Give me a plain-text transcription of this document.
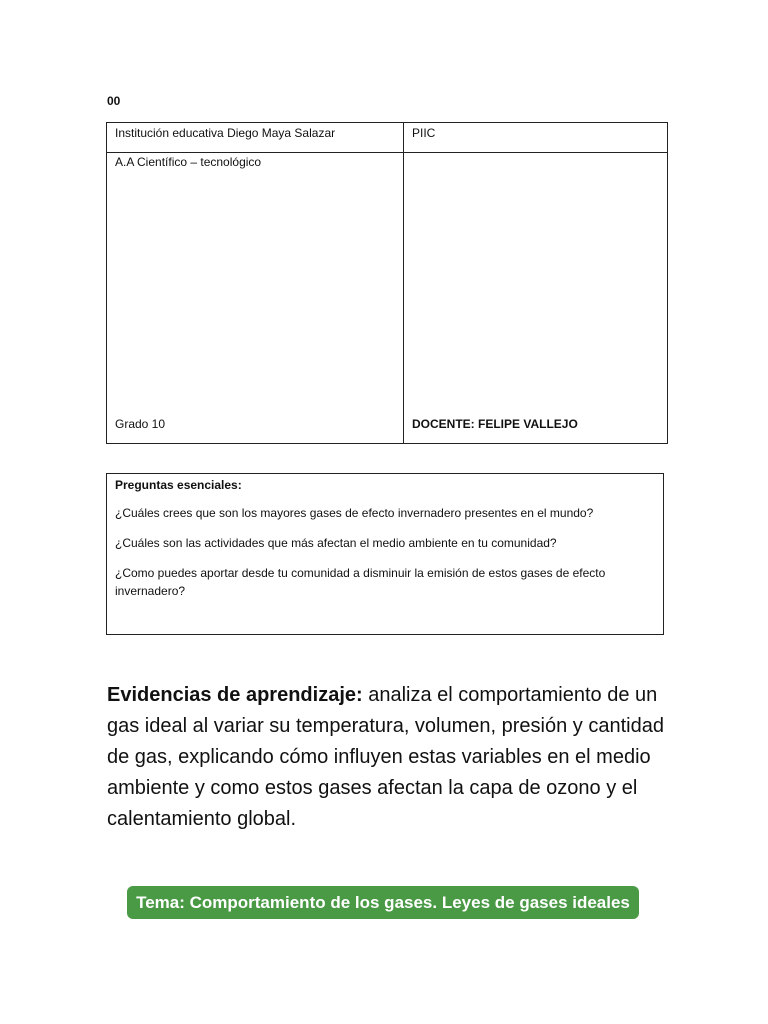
00
Institución educativa Diego Maya Salazar	PIIC

A.A Científico – tecnológico
Grado 10	DOCENTE: FELIPE VALLEJO

Preguntas esenciales:

¿Cuáles crees que son los mayores gases de efecto invernadero presentes en el mundo?

¿Cuáles son las actividades que más afectan el medio ambiente en tu comunidad?

¿Como puedes aportar desde tu comunidad a disminuir la emisión de estos gases de efecto invernadero?

Evidencias de aprendizaje: analiza el comportamiento de un gas ideal al variar su temperatura, volumen, presión y cantidad de gas, explicando cómo influyen estas variables en el medio ambiente y como estos gases afectan la capa de ozono y el calentamiento global.
Tema: Comportamiento de los gases. Leyes de gases ideales
